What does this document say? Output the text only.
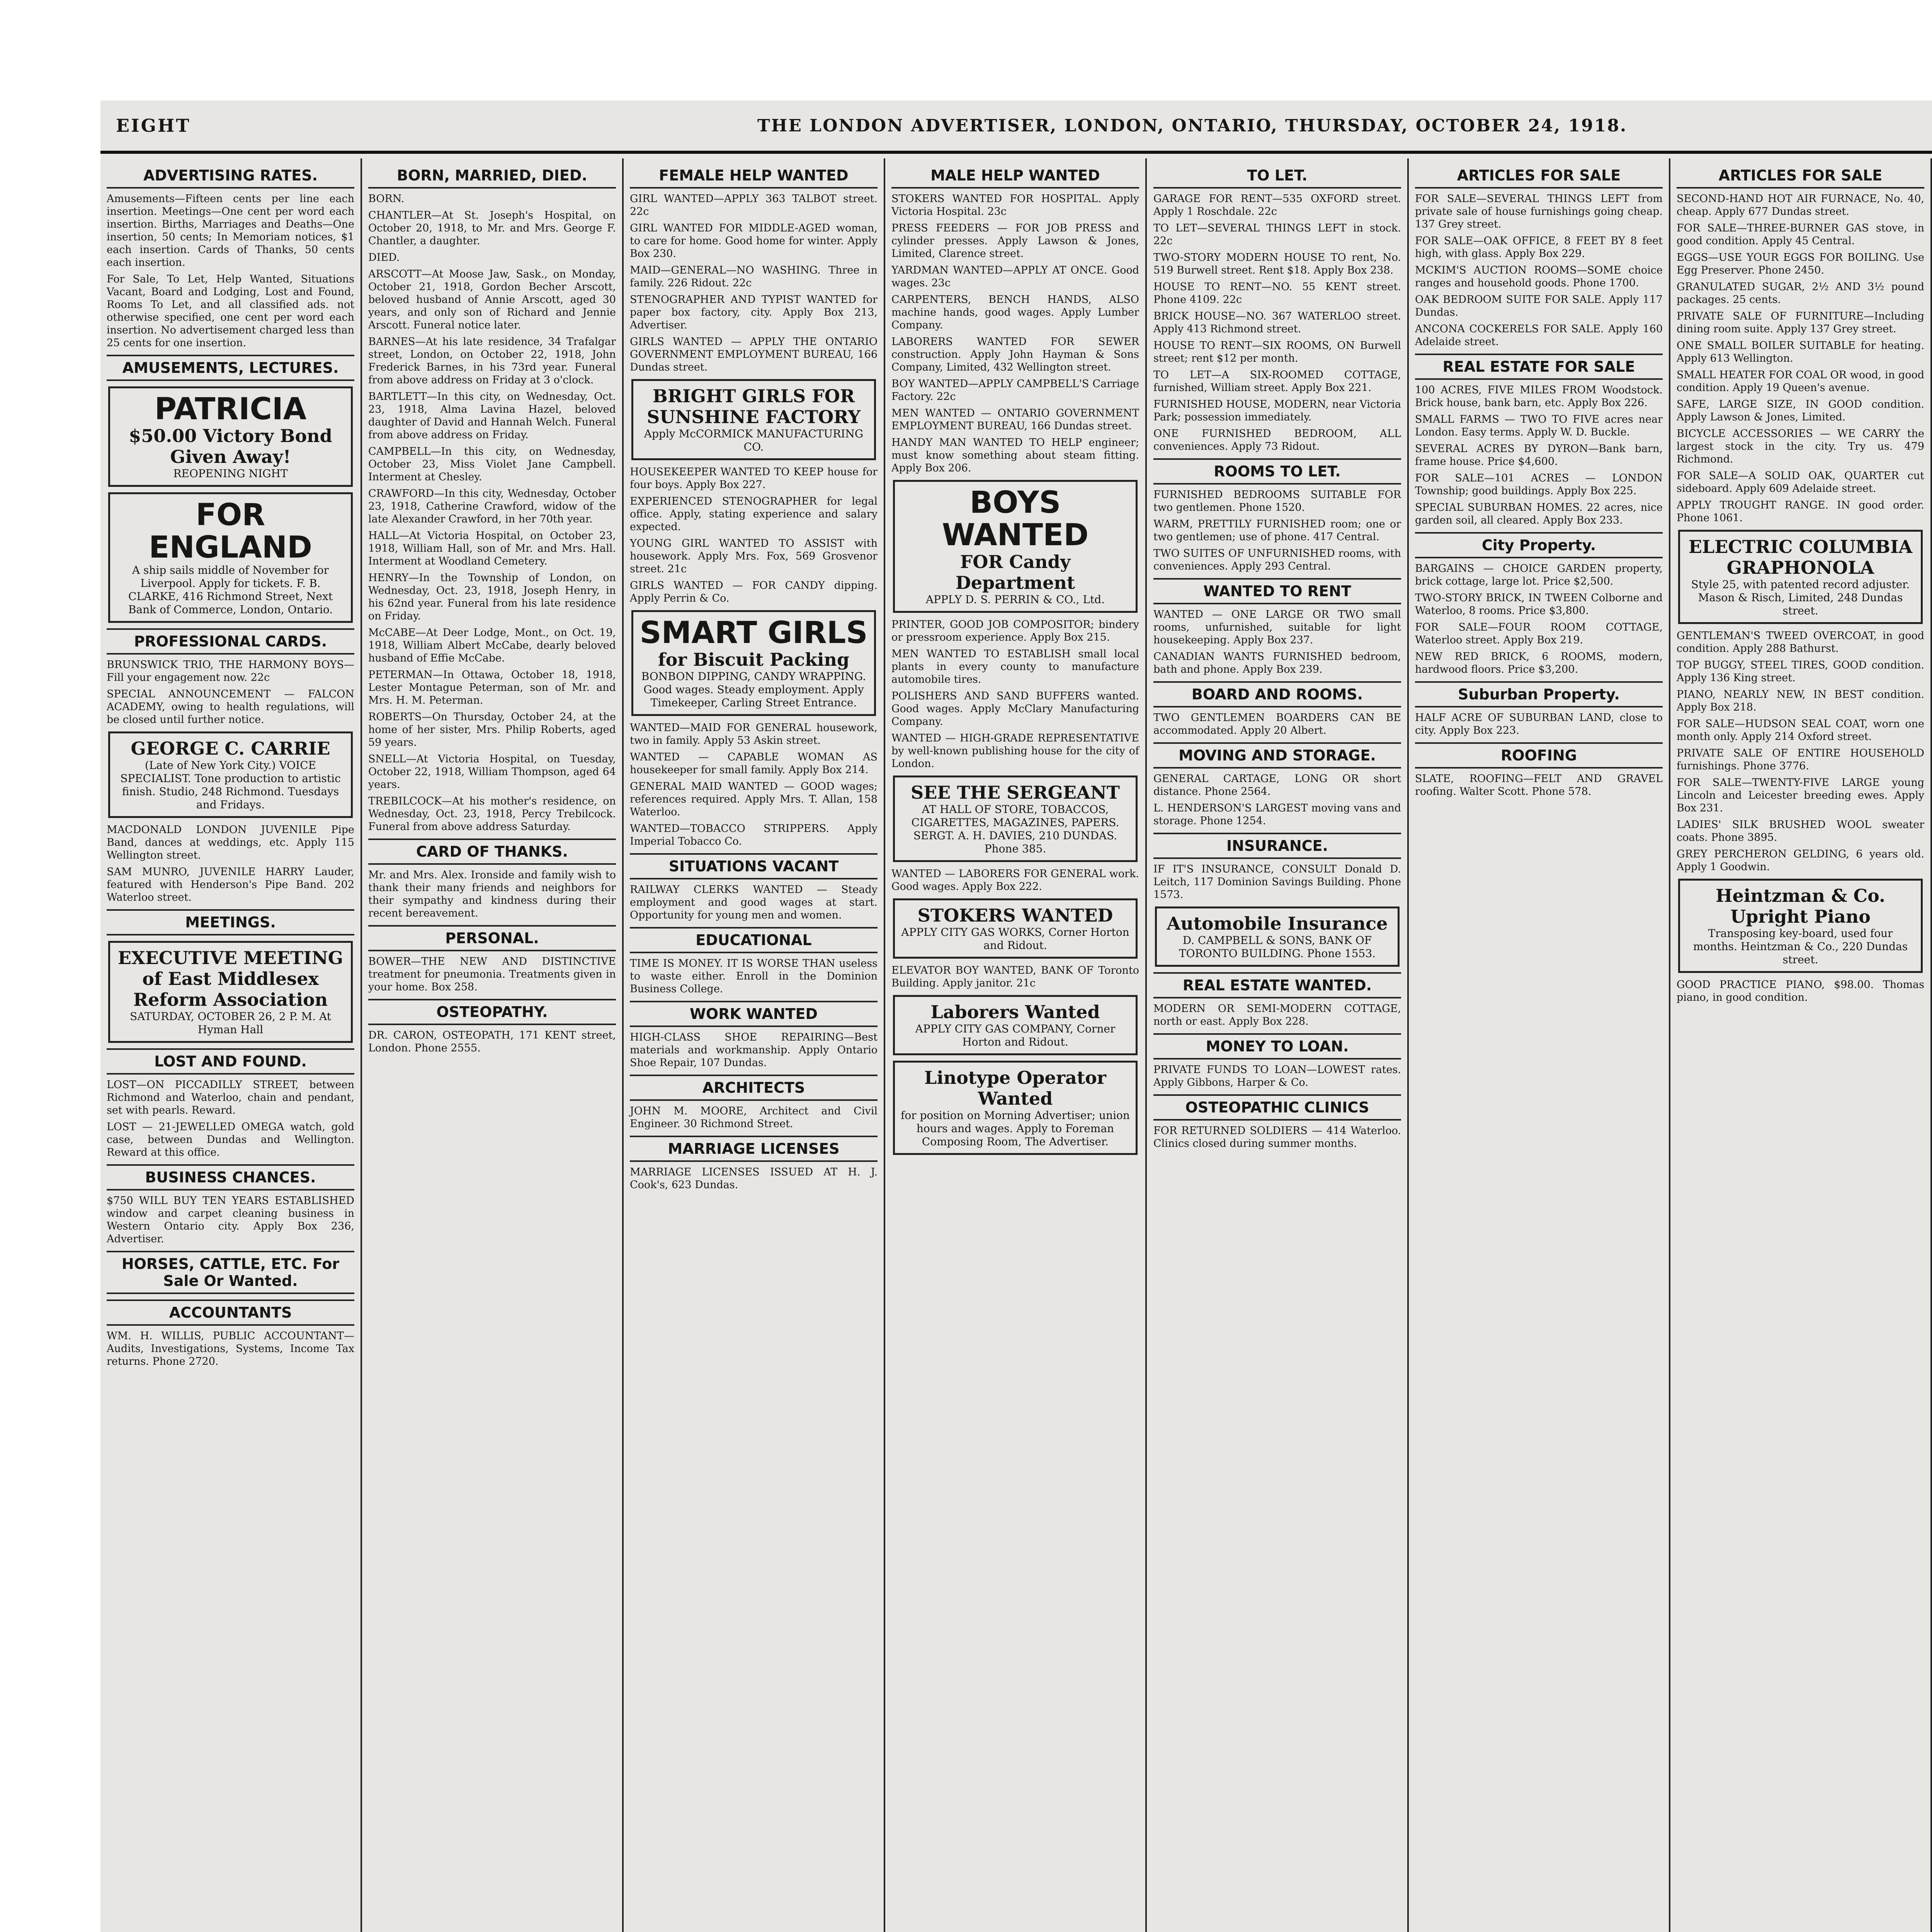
EIGHT	THE LONDON ADVERTISER, LONDON, ONTARIO, THURSDAY, OCTOBER 24, 1918.
ADVERTISING RATES.

Amusements—Fifteen cents per line each insertion. Meetings—One cent per word each insertion. Births, Marriages and Deaths—One insertion, 50 cents; In Memoriam notices, $1 each insertion. Cards of Thanks, 50 cents each insertion.

For Sale, To Let, Help Wanted, Situations Vacant, Board and Lodging, Lost and Found, Rooms To Let, and all classified ads. not otherwise specified, one cent per word each insertion. No advertisement charged less than 25 cents for one insertion.

AMUSEMENTS, LECTURES.
PATRICIA
$50.00 Victory Bond Given Away!
REOPENING NIGHT
FOR ENGLAND
A ship sails middle of November for Liverpool. Apply for tickets. F. B. CLARKE, 416 Richmond Street, Next Bank of Commerce, London, Ontario.
PROFESSIONAL CARDS.

BRUNSWICK TRIO, THE HARMONY BOYS—Fill your engagement now. 22c

SPECIAL ANNOUNCEMENT — FALCON ACADEMY, owing to health regulations, will be closed until further notice.

GEORGE C. CARRIE
(Late of New York City.) VOICE SPECIALIST. Tone production to artistic finish. Studio, 248 Richmond. Tuesdays and Fridays.

MACDONALD LONDON JUVENILE Pipe Band, dances at weddings, etc. Apply 115 Wellington street.

SAM MUNRO, JUVENILE HARRY Lauder, featured with Henderson's Pipe Band. 202 Waterloo street.

MEETINGS.
EXECUTIVE MEETING of East Middlesex Reform Association
SATURDAY, OCTOBER 26, 2 P. M. At Hyman Hall
LOST AND FOUND.

LOST—ON PICCADILLY STREET, between Richmond and Waterloo, chain and pendant, set with pearls. Reward.

LOST — 21-JEWELLED OMEGA watch, gold case, between Dundas and Wellington. Reward at this office.

BUSINESS CHANCES.

$750 WILL BUY TEN YEARS ESTABLISHED window and carpet cleaning business in Western Ontario city. Apply Box 236, Advertiser.

HORSES, CATTLE, ETC. For Sale Or Wanted.
ACCOUNTANTS

WM. H. WILLIS, PUBLIC ACCOUNTANT—Audits, Investigations, Systems, Income Tax returns. Phone 2720.

BORN, MARRIED, DIED.

BORN.

CHANTLER—At St. Joseph's Hospital, on October 20, 1918, to Mr. and Mrs. George F. Chantler, a daughter.

DIED.

ARSCOTT—At Moose Jaw, Sask., on Monday, October 21, 1918, Gordon Becher Arscott, beloved husband of Annie Arscott, aged 30 years, and only son of Richard and Jennie Arscott. Funeral notice later.

BARNES—At his late residence, 34 Trafalgar street, London, on October 22, 1918, John Frederick Barnes, in his 73rd year. Funeral from above address on Friday at 3 o'clock.

BARTLETT—In this city, on Wednesday, Oct. 23, 1918, Alma Lavina Hazel, beloved daughter of David and Hannah Welch. Funeral from above address on Friday.

CAMPBELL—In this city, on Wednesday, October 23, Miss Violet Jane Campbell. Interment at Chesley.

CRAWFORD—In this city, Wednesday, October 23, 1918, Catherine Crawford, widow of the late Alexander Crawford, in her 70th year.

HALL—At Victoria Hospital, on October 23, 1918, William Hall, son of Mr. and Mrs. Hall. Interment at Woodland Cemetery.

HENRY—In the Township of London, on Wednesday, Oct. 23, 1918, Joseph Henry, in his 62nd year. Funeral from his late residence on Friday.

McCABE—At Deer Lodge, Mont., on Oct. 19, 1918, William Albert McCabe, dearly beloved husband of Effie McCabe.

PETERMAN—In Ottawa, October 18, 1918, Lester Montague Peterman, son of Mr. and Mrs. H. M. Peterman.

ROBERTS—On Thursday, October 24, at the home of her sister, Mrs. Philip Roberts, aged 59 years.

SNELL—At Victoria Hospital, on Tuesday, October 22, 1918, William Thompson, aged 64 years.

TREBILCOCK—At his mother's residence, on Wednesday, Oct. 23, 1918, Percy Trebilcock. Funeral from above address Saturday.

CARD OF THANKS.

Mr. and Mrs. Alex. Ironside and family wish to thank their many friends and neighbors for their sympathy and kindness during their recent bereavement.

PERSONAL.

BOWER—THE NEW AND DISTINCTIVE treatment for pneumonia. Treatments given in your home. Box 258.

OSTEOPATHY.

DR. CARON, OSTEOPATH, 171 KENT street, London. Phone 2555.

FEMALE HELP WANTED

GIRL WANTED—APPLY 363 TALBOT street. 22c

GIRL WANTED FOR MIDDLE-AGED woman, to care for home. Good home for winter. Apply Box 230.

MAID—GENERAL—NO WASHING. Three in family. 226 Ridout. 22c

STENOGRAPHER AND TYPIST WANTED for paper box factory, city. Apply Box 213, Advertiser.

GIRLS WANTED — APPLY THE ONTARIO GOVERNMENT EMPLOYMENT BUREAU, 166 Dundas street.

BRIGHT GIRLS FOR SUNSHINE FACTORY
Apply McCORMICK MANUFACTURING CO.

HOUSEKEEPER WANTED TO KEEP house for four boys. Apply Box 227.

EXPERIENCED STENOGRAPHER for legal office. Apply, stating experience and salary expected.

YOUNG GIRL WANTED TO ASSIST with housework. Apply Mrs. Fox, 569 Grosvenor street. 21c

GIRLS WANTED — FOR CANDY dipping. Apply Perrin & Co.

SMART GIRLS
for Biscuit Packing
BONBON DIPPING, CANDY WRAPPING. Good wages. Steady employment. Apply Timekeeper, Carling Street Entrance.

WANTED—MAID FOR GENERAL housework, two in family. Apply 53 Askin street.

WANTED — CAPABLE WOMAN AS housekeeper for small family. Apply Box 214.

GENERAL MAID WANTED — GOOD wages; references required. Apply Mrs. T. Allan, 158 Waterloo.

WANTED—TOBACCO STRIPPERS. Apply Imperial Tobacco Co.

SITUATIONS VACANT

RAILWAY CLERKS WANTED — Steady employment and good wages at start. Opportunity for young men and women.

EDUCATIONAL

TIME IS MONEY. IT IS WORSE THAN useless to waste either. Enroll in the Dominion Business College.

WORK WANTED

HIGH-CLASS SHOE REPAIRING—Best materials and workmanship. Apply Ontario Shoe Repair, 107 Dundas.

ARCHITECTS

JOHN M. MOORE, Architect and Civil Engineer. 30 Richmond Street.

MARRIAGE LICENSES

MARRIAGE LICENSES ISSUED AT H. J. Cook's, 623 Dundas.

MALE HELP WANTED

STOKERS WANTED FOR HOSPITAL. Apply Victoria Hospital. 23c

PRESS FEEDERS — FOR JOB PRESS and cylinder presses. Apply Lawson & Jones, Limited, Clarence street.

YARDMAN WANTED—APPLY AT ONCE. Good wages. 23c

CARPENTERS, BENCH HANDS, ALSO machine hands, good wages. Apply Lumber Company.

LABORERS WANTED FOR SEWER construction. Apply John Hayman & Sons Company, Limited, 432 Wellington street.

BOY WANTED—APPLY CAMPBELL'S Carriage Factory. 22c

MEN WANTED — ONTARIO GOVERNMENT EMPLOYMENT BUREAU, 166 Dundas street.

HANDY MAN WANTED TO HELP engineer; must know something about steam fitting. Apply Box 206.

BOYS WANTED
FOR Candy Department
APPLY D. S. PERRIN & CO., Ltd.

PRINTER, GOOD JOB COMPOSITOR; bindery or pressroom experience. Apply Box 215.

MEN WANTED TO ESTABLISH small local plants in every county to manufacture automobile tires.

POLISHERS AND SAND BUFFERS wanted. Good wages. Apply McClary Manufacturing Company.

WANTED — HIGH-GRADE REPRESENTATIVE by well-known publishing house for the city of London.

SEE THE SERGEANT
AT HALL OF STORE, TOBACCOS, CIGARETTES, MAGAZINES, PAPERS. SERGT. A. H. DAVIES, 210 DUNDAS. Phone 385.

WANTED — LABORERS FOR GENERAL work. Good wages. Apply Box 222.

STOKERS WANTED
APPLY CITY GAS WORKS, Corner Horton and Ridout.

ELEVATOR BOY WANTED, BANK OF Toronto Building. Apply janitor. 21c

Laborers Wanted
APPLY CITY GAS COMPANY, Corner Horton and Ridout.
Linotype Operator Wanted
for position on Morning Advertiser; union hours and wages. Apply to Foreman Composing Room, The Advertiser.
TO LET.

GARAGE FOR RENT—535 OXFORD street. Apply 1 Roschdale. 22c

TO LET—SEVERAL THINGS LEFT in stock. 22c

TWO-STORY MODERN HOUSE TO rent, No. 519 Burwell street. Rent $18. Apply Box 238.

HOUSE TO RENT—NO. 55 KENT street. Phone 4109. 22c

BRICK HOUSE—NO. 367 WATERLOO street. Apply 413 Richmond street.

HOUSE TO RENT—SIX ROOMS, ON Burwell street; rent $12 per month.

TO LET—A SIX-ROOMED COTTAGE, furnished, William street. Apply Box 221.

FURNISHED HOUSE, MODERN, near Victoria Park; possession immediately.

ONE FURNISHED BEDROOM, ALL conveniences. Apply 73 Ridout.

ROOMS TO LET.

FURNISHED BEDROOMS SUITABLE FOR two gentlemen. Phone 1520.

WARM, PRETTILY FURNISHED room; one or two gentlemen; use of phone. 417 Central.

TWO SUITES OF UNFURNISHED rooms, with conveniences. Apply 293 Central.

WANTED TO RENT

WANTED — ONE LARGE OR TWO small rooms, unfurnished, suitable for light housekeeping. Apply Box 237.

CANADIAN WANTS FURNISHED bedroom, bath and phone. Apply Box 239.

BOARD AND ROOMS.

TWO GENTLEMEN BOARDERS CAN BE accommodated. Apply 20 Albert.

MOVING AND STORAGE.

GENERAL CARTAGE, LONG OR short distance. Phone 2564.

L. HENDERSON'S LARGEST moving vans and storage. Phone 1254.

INSURANCE.

IF IT'S INSURANCE, CONSULT Donald D. Leitch, 117 Dominion Savings Building. Phone 1573.

Automobile Insurance
D. CAMPBELL & SONS, BANK OF TORONTO BUILDING. Phone 1553.
REAL ESTATE WANTED.

MODERN OR SEMI-MODERN COTTAGE, north or east. Apply Box 228.

MONEY TO LOAN.

PRIVATE FUNDS TO LOAN—LOWEST rates. Apply Gibbons, Harper & Co.

OSTEOPATHIC CLINICS

FOR RETURNED SOLDIERS — 414 Waterloo. Clinics closed during summer months.

ARTICLES FOR SALE

FOR SALE—SEVERAL THINGS LEFT from private sale of house furnishings going cheap. 137 Grey street.

FOR SALE—OAK OFFICE, 8 FEET BY 8 feet high, with glass. Apply Box 229.

MCKIM'S AUCTION ROOMS—SOME choice ranges and household goods. Phone 1700.

OAK BEDROOM SUITE FOR SALE. Apply 117 Dundas.

ANCONA COCKERELS FOR SALE. Apply 160 Adelaide street.

REAL ESTATE FOR SALE

100 ACRES, FIVE MILES FROM Woodstock. Brick house, bank barn, etc. Apply Box 226.

SMALL FARMS — TWO TO FIVE acres near London. Easy terms. Apply W. D. Buckle.

SEVERAL ACRES BY DYRON—Bank barn, frame house. Price $4,600.

FOR SALE—101 ACRES — LONDON Township; good buildings. Apply Box 225.

SPECIAL SUBURBAN HOMES. 22 acres, nice garden soil, all cleared. Apply Box 233.

City Property.

BARGAINS — CHOICE GARDEN property, brick cottage, large lot. Price $2,500.

TWO-STORY BRICK, IN TWEEN Colborne and Waterloo, 8 rooms. Price $3,800.

FOR SALE—FOUR ROOM COTTAGE, Waterloo street. Apply Box 219.

NEW RED BRICK, 6 ROOMS, modern, hardwood floors. Price $3,200.

Suburban Property.

HALF ACRE OF SUBURBAN LAND, close to city. Apply Box 223.

ROOFING

SLATE, ROOFING—FELT AND GRAVEL roofing. Walter Scott. Phone 578.

ARTICLES FOR SALE

SECOND-HAND HOT AIR FURNACE, No. 40, cheap. Apply 677 Dundas street.

FOR SALE—THREE-BURNER GAS stove, in good condition. Apply 45 Central.

EGGS—USE YOUR EGGS FOR BOILING. Use Egg Preserver. Phone 2450.

GRANULATED SUGAR, 2½ AND 3½ pound packages. 25 cents.

PRIVATE SALE OF FURNITURE—Including dining room suite. Apply 137 Grey street.

ONE SMALL BOILER SUITABLE for heating. Apply 613 Wellington.

SMALL HEATER FOR COAL OR wood, in good condition. Apply 19 Queen's avenue.

SAFE, LARGE SIZE, IN GOOD condition. Apply Lawson & Jones, Limited.

BICYCLE ACCESSORIES — WE CARRY the largest stock in the city. Try us. 479 Richmond.

FOR SALE—A SOLID OAK, QUARTER cut sideboard. Apply 609 Adelaide street.

APPLY TROUGHT RANGE. IN good order. Phone 1061.

ELECTRIC COLUMBIA GRAPHONOLA
Style 25, with patented record adjuster. Mason & Risch, Limited, 248 Dundas street.

GENTLEMAN'S TWEED OVERCOAT, in good condition. Apply 288 Bathurst.

TOP BUGGY, STEEL TIRES, GOOD condition. Apply 136 King street.

PIANO, NEARLY NEW, IN BEST condition. Apply Box 218.

FOR SALE—HUDSON SEAL COAT, worn one month only. Apply 214 Oxford street.

PRIVATE SALE OF ENTIRE HOUSEHOLD furnishings. Phone 3776.

FOR SALE—TWENTY-FIVE LARGE young Lincoln and Leicester breeding ewes. Apply Box 231.

LADIES' SILK BRUSHED WOOL sweater coats. Phone 3895.

GREY PERCHERON GELDING, 6 years old. Apply 1 Goodwin.

Heintzman & Co. Upright Piano
Transposing key-board, used four months. Heintzman & Co., 220 Dundas street.

GOOD PRACTICE PIANO, $98.00. Thomas piano, in good condition.
